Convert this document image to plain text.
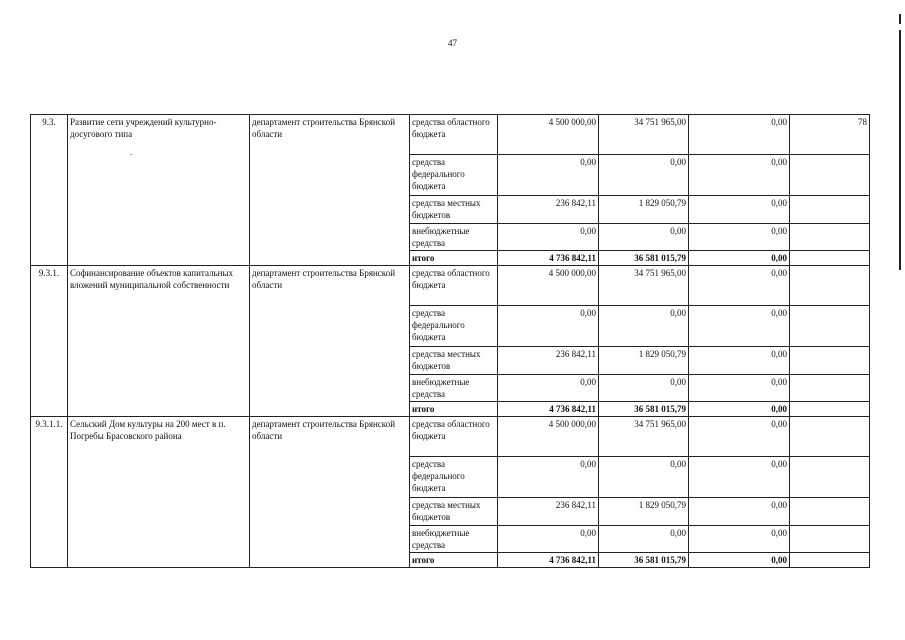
47
9.3.	Развитие сети учреждений культурно-досугового типа	департамент строительства Брянской области	средства областного бюджета	4 500 000,00	34 751 965,00	0,00	78
			средства федерального бюджета	0,00	0,00	0,00	
			средства местных бюджетов	236 842,11	1 829 050,79	0,00	
			внебюджетные средства	0,00	0,00	0,00	
			итого	4 736 842,11	36 581 015,79	0,00	
9.3.1.	Софинансирование объектов капитальных вложений муниципальной собственности	департамент строительства Брянской области	средства областного бюджета	4 500 000,00	34 751 965,00	0,00	
			средства федерального бюджета	0,00	0,00	0,00	
			средства местных бюджетов	236 842,11	1 829 050,79	0,00	
			внебюджетные средства	0,00	0,00	0,00	
			итого	4 736 842,11	36 581 015,79	0,00	
9.3.1.1.	Сельский Дом культуры на 200 мест в п. Погребы Брасовского района	департамент строительства Брянской области	средства областного бюджета	4 500 000,00	34 751 965,00	0,00	
			средства федерального бюджета	0,00	0,00	0,00	
			средства местных бюджетов	236 842,11	1 829 050,79	0,00	
			внебюджетные средства	0,00	0,00	0,00	
			итого	4 736 842,11	36 581 015,79	0,00	
